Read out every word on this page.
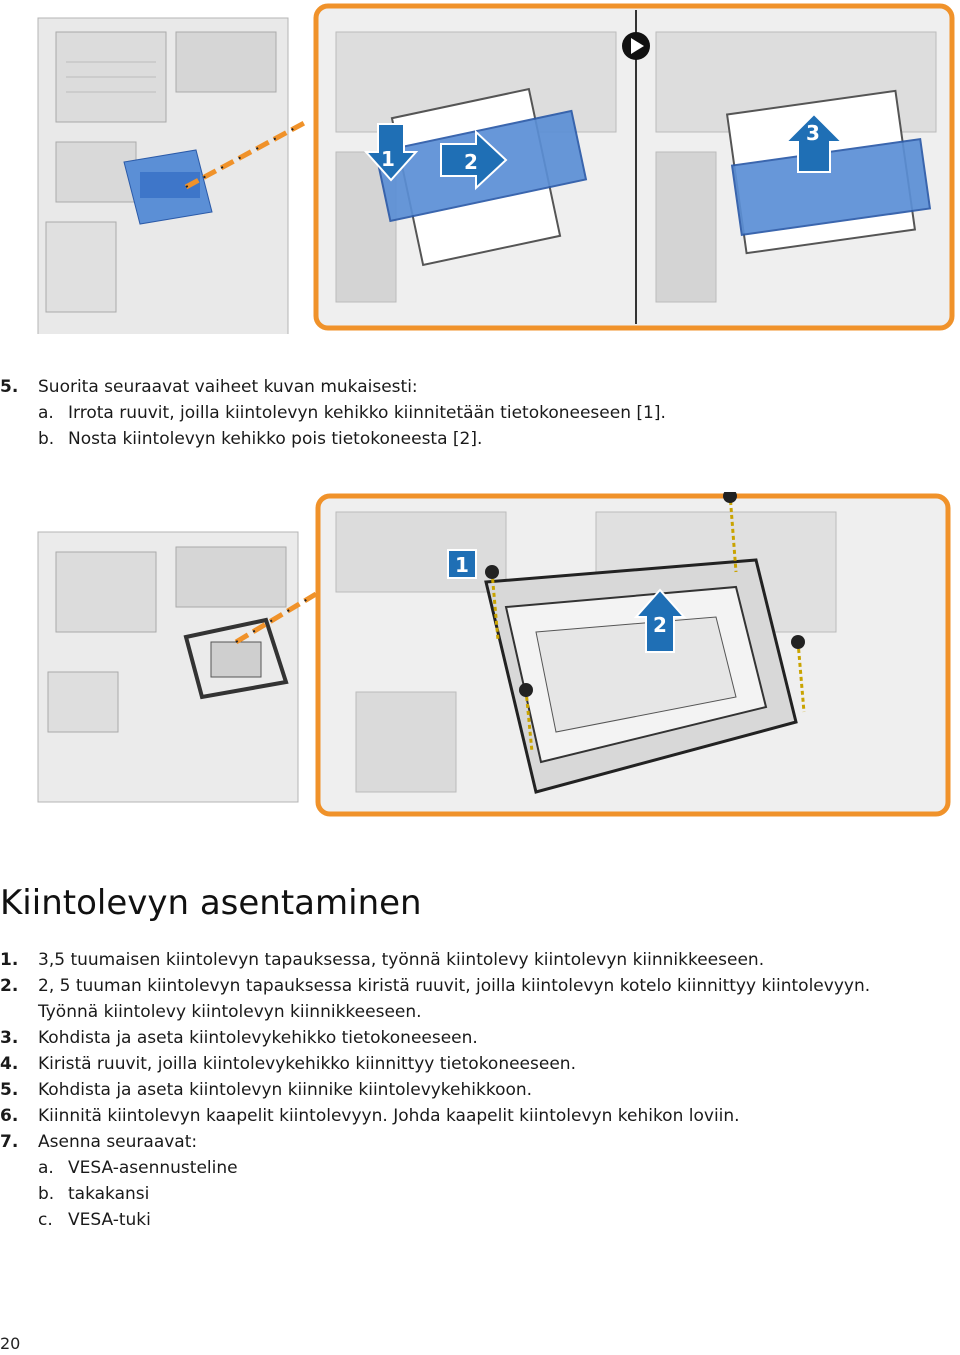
1	2
3
5.	Suorita seuraavat vaiheet kuvan mukaisesti:
a. Irrota ruuvit, joilla kiintolevyn kehikko kiinnitetään tietokoneeseen [1].
b. Nosta kiintolevyn kehikko pois tietokoneesta [2].
1
2
Kiintolevyn asentaminen
1.	3,5 tuumaisen kiintolevyn tapauksessa, työnnä kiintolevy kiintolevyn kiinnikkeeseen.
2.	2, 5 tuuman kiintolevyn tapauksessa kiristä ruuvit, joilla kiintolevyn kotelo kiinnittyy kiintolevyyn.
Työnnä kiintolevy kiintolevyn kiinnikkeeseen.
3.	Kohdista ja aseta kiintolevykehikko tietokoneeseen.
4.	Kiristä ruuvit, joilla kiintolevykehikko kiinnittyy tietokoneeseen.
5.	Kohdista ja aseta kiintolevyn kiinnike kiintolevykehikkoon.
6.	Kiinnitä kiintolevyn kaapelit kiintolevyyn. Johda kaapelit kiintolevyn kehikon loviin.
7.	Asenna seuraavat:
a. VESA-asennusteline
b. takakansi
c. VESA-tuki
20
